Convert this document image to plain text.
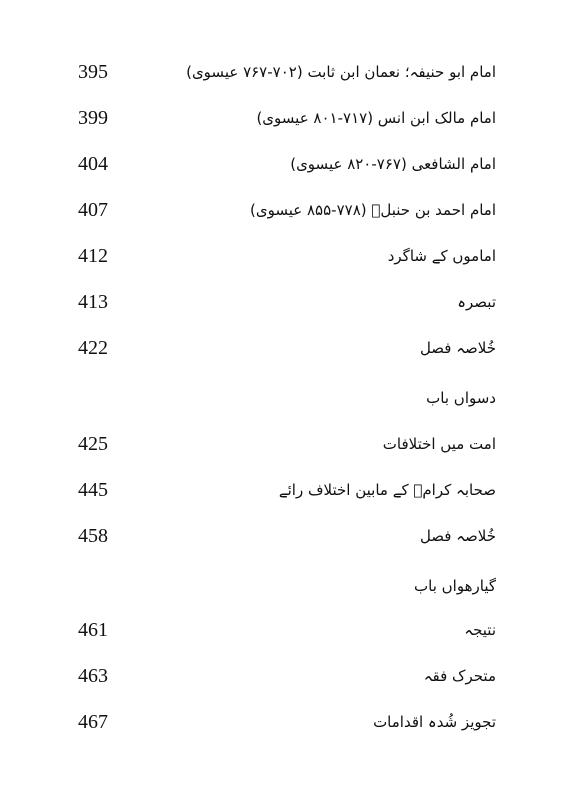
395	امام ابو حنیفہ؛ نعمان ابن ثابت (۷۰۲-۷۶۷ عیسوی)
399	امام مالک ابن انس (۷۱۷-۸۰۱ عیسوی)
404	امام الشافعی (۷۶۷-۸۲۰ عیسوی)
407	امام احمد بن حنبلؒ (۷۷۸-۸۵۵ عیسوی)
412	اماموں کے شاگرد
413	تبصرہ
422	خُلاصہ فصل
دسواں باب
425	امت میں اختلافات
445	صحابہ کرامؓ کے مابین اختلاف رائے
458	خُلاصہ فصل
گیارھواں باب
461	نتیجہ
463	متحرک فقہ
467	تجویز شُدہ اقدامات
